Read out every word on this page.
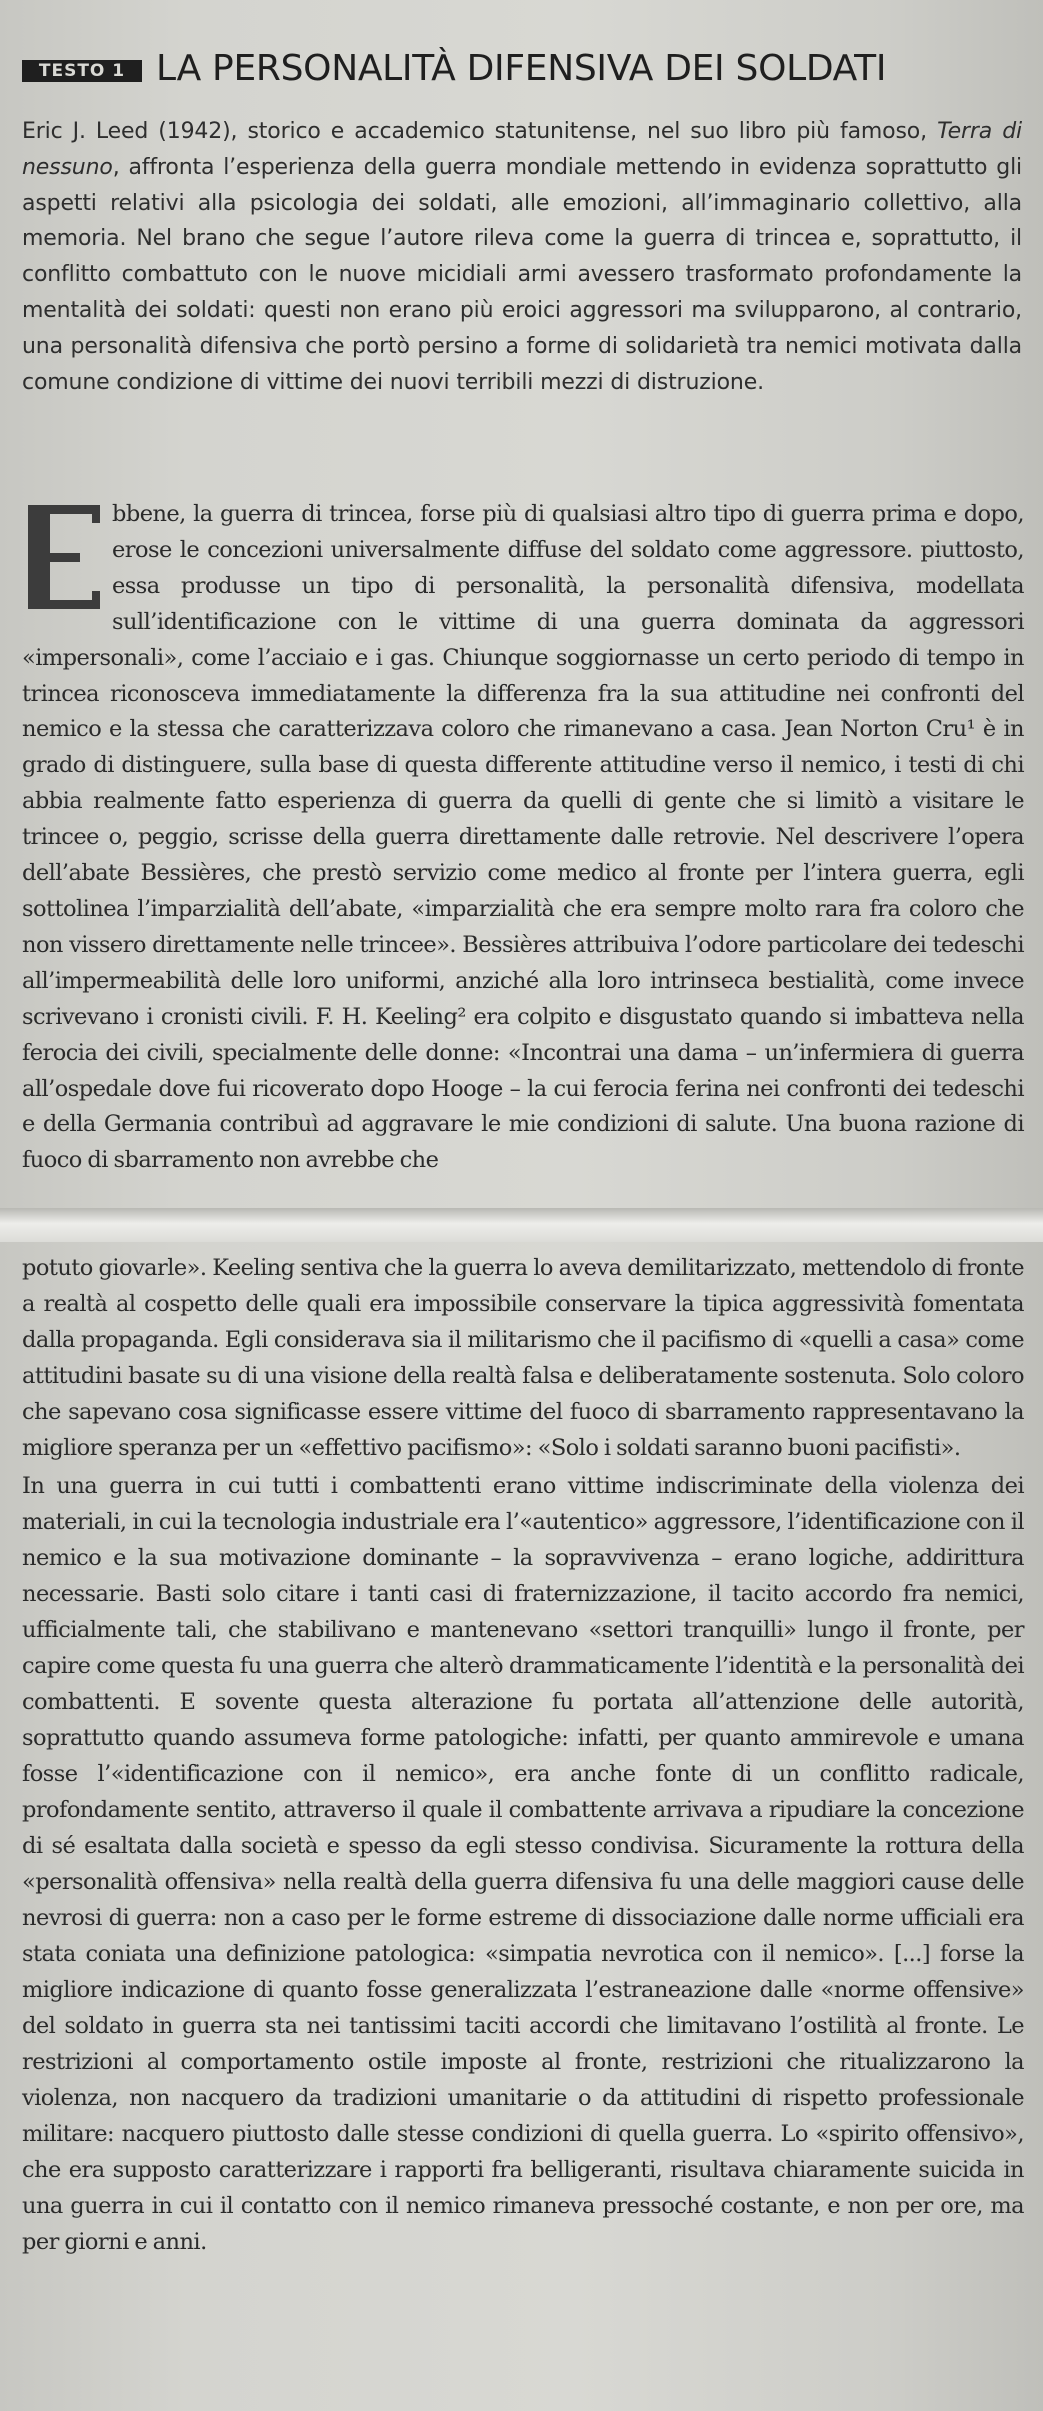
TESTO 1 LA PERSONALITÀ DIFENSIVA DEI SOLDATI
Eric J. Leed (1942), storico e accademico statunitense, nel suo libro più famoso, Terra di nessuno, affronta l’esperienza della guerra mondiale mettendo in evidenza soprattutto gli aspetti relativi alla psicologia dei soldati, alle emozioni, all’immaginario collettivo, alla memoria. Nel brano che segue l’autore rileva come la guerra di trincea e, soprattutto, il conflitto combattuto con le nuove micidiali armi avessero trasformato profondamente la mentalità dei soldati: questi non erano più eroici aggressori ma svilupparono, al contrario, una personalità difensiva che portò persino a forme di solidarietà tra nemici motivata dalla comune condizione di vittime dei nuovi terribili mezzi di distruzione.

bbene, la guerra di trincea, forse più di qualsiasi altro tipo di guerra prima e dopo, erose le concezioni universalmente diffuse del soldato come aggressore. piuttosto, essa produsse un tipo di personalità, la personalità difensiva, modellata sull’identificazione con le vittime di una guerra dominata da aggressori «impersonali», come l’acciaio e i gas. Chiunque soggiornasse un certo periodo di tempo in trincea riconosceva immediatamente la differenza fra la sua attitudine nei confronti del nemico e la stessa che caratterizzava coloro che rimanevano a casa. Jean Norton Cru¹ è in grado di distinguere, sulla base di questa differente attitudine verso il nemico, i testi di chi abbia realmente fatto esperienza di guerra da quelli di gente che si limitò a visitare le trincee o, peggio, scrisse della guerra direttamente dalle retrovie. Nel descrivere l’opera dell’abate Bessières, che prestò servizio come medico al fronte per l’intera guerra, egli sottolinea l’imparzialità dell’abate, «imparzialità che era sempre molto rara fra coloro che non vissero direttamente nelle trincee». Bessières attribuiva l’odore particolare dei tedeschi all’impermeabilità delle loro uniformi, anziché alla loro intrinseca bestialità, come invece scrivevano i cronisti civili. F. H. Keeling² era colpito e disgustato quando si imbatteva nella ferocia dei civili, specialmente delle donne: «Incontrai una dama – un’infermiera di guerra all’ospedale dove fui ricoverato dopo Hooge – la cui ferocia ferina nei confronti dei tedeschi e della Germania contribuì ad aggravare le mie condizioni di salute. Una buona razione di fuoco di sbarramento non avrebbe che

potuto giovarle». Keeling sentiva che la guerra lo aveva demilitarizzato, mettendolo di fronte a realtà al cospetto delle quali era impossibile conservare la tipica aggressività fomentata dalla propaganda. Egli considerava sia il militarismo che il pacifismo di «quelli a casa» come attitudini basate su di una visione della realtà falsa e deliberatamente sostenuta. Solo coloro che sapevano cosa significasse essere vittime del fuoco di sbarramento rappresentavano la migliore speranza per un «effettivo pacifismo»: «Solo i soldati saranno buoni pacifisti».

In una guerra in cui tutti i combattenti erano vittime indiscriminate della violenza dei materiali, in cui la tecnologia industriale era l’«autentico» aggressore, l’identificazione con il nemico e la sua motivazione dominante – la sopravvivenza – erano logiche, addirittura necessarie. Basti solo citare i tanti casi di fraternizzazione, il tacito accordo fra nemici, ufficialmente tali, che stabilivano e mantenevano «settori tranquilli» lungo il fronte, per capire come questa fu una guerra che alterò drammaticamente l’identità e la personalità dei combattenti. E sovente questa alterazione fu portata all’attenzione delle autorità, soprattutto quando assumeva forme patologiche: infatti, per quanto ammirevole e umana fosse l’«identificazione con il nemico», era anche fonte di un conflitto radicale, profondamente sentito, attraverso il quale il combattente arrivava a ripudiare la concezione di sé esaltata dalla società e spesso da egli stesso condivisa. Sicuramente la rottura della «personalità offensiva» nella realtà della guerra difensiva fu una delle maggiori cause delle nevrosi di guerra: non a caso per le forme estreme di dissociazione dalle norme ufficiali era stata coniata una definizione patologica: «simpatia nevrotica con il nemico». [...] forse la migliore indicazione di quanto fosse generalizzata l’estraneazione dalle «norme offensive» del soldato in guerra sta nei tantissimi taciti accordi che limitavano l’ostilità al fronte. Le restrizioni al comportamento ostile imposte al fronte, restrizioni che ritualizzarono la violenza, non nacquero da tradizioni umanitarie o da attitudini di rispetto professionale militare: nacquero piuttosto dalle stesse condizioni di quella guerra. Lo «spirito offensivo», che era supposto caratterizzare i rapporti fra belligeranti, risultava chiaramente suicida in una guerra in cui il contatto con il nemico rimaneva pressoché costante, e non per ore, ma per giorni e anni.
